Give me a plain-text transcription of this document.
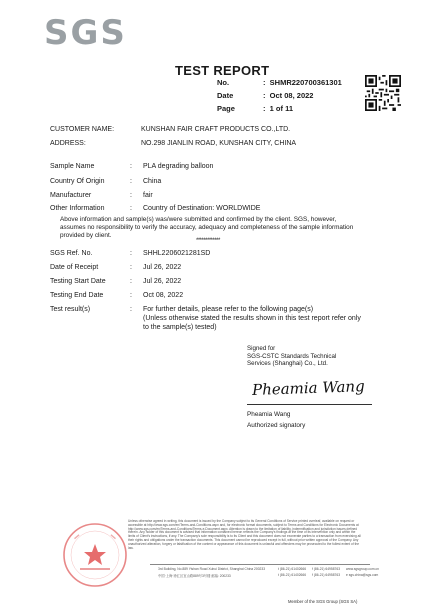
SGS
TEST REPORT
No.	: SHMR220700361301
Date	: Oct 08, 2022
Page	: 1 of 11
CUSTOMER NAME:	KUNSHAN FAIR CRAFT PRODUCTS CO.,LTD.
ADDRESS:	NO.298 JIANLIN ROAD, KUNSHAN CITY, CHINA
Sample Name	: PLA degrading balloon
Country Of Origin	: China
Manufacturer	: fair
Other Information	: Country of Destination: WORLDWIDE
Above information and sample(s) was/were submitted and confirmed by the client. SGS, however, assumes no responsibility to verify the accuracy, adequacy and completeness of the sample information provided by client.
*************
SGS Ref. No.	: SHHL2206021281SD
Date of Receipt	: Jul 26, 2022
Testing Start Date	: Jul 26, 2022
Testing End Date	: Oct 08, 2022
Test result(s)	: For further details, please refer to the following page(s)
(Unless otherwise stated the results shown in this test report refer only
to the sample(s) tested)
Signed for
SGS-CSTC Standards Technical
Services (Shanghai) Co., Ltd.
Pheamia Wang
Pheamia Wang
Authorized signatory
Unless otherwise agreed in writing, this document is issued by the Company subject to its General Conditions of Service printed overleaf, available on request or accessible at http://www.sgs.com/en/Terms-and-Conditions.aspx and, for electronic format documents, subject to Terms and Conditions for Electronic Documents at http://www.sgs.com/en/Terms-and-Conditions/Terms-e-Document.aspx. Attention is drawn to the limitation of liability, indemnification and jurisdiction issues defined therein. Any holder of this document is advised that information contained hereon reflects the Company's findings at the time of its intervention only and within the limits of Client's instructions, if any. The Company's sole responsibility is to its Client and this document does not exonerate parties to a transaction from exercising all their rights and obligations under the transaction documents. This document cannot be reproduced except in full, without prior written approval of the Company. Any unauthorized alteration, forgery or falsification of the content or appearance of this document is unlawful and offenders may be prosecuted to the fullest extent of the law.
3rd Building, No.889 Yishan Road Xuhui District, Shanghai China 200233
中国·上海·徐汇区宜山路889号3号楼 邮编: 200233
t (86-21) 61402666
t (86-21) 61402666
f (86-21) 64958763
f (86-21) 64958763
www.sgsgroup.com.cn
e sgs.china@sgs.com
Member of the SGS Group (SGS SA)
